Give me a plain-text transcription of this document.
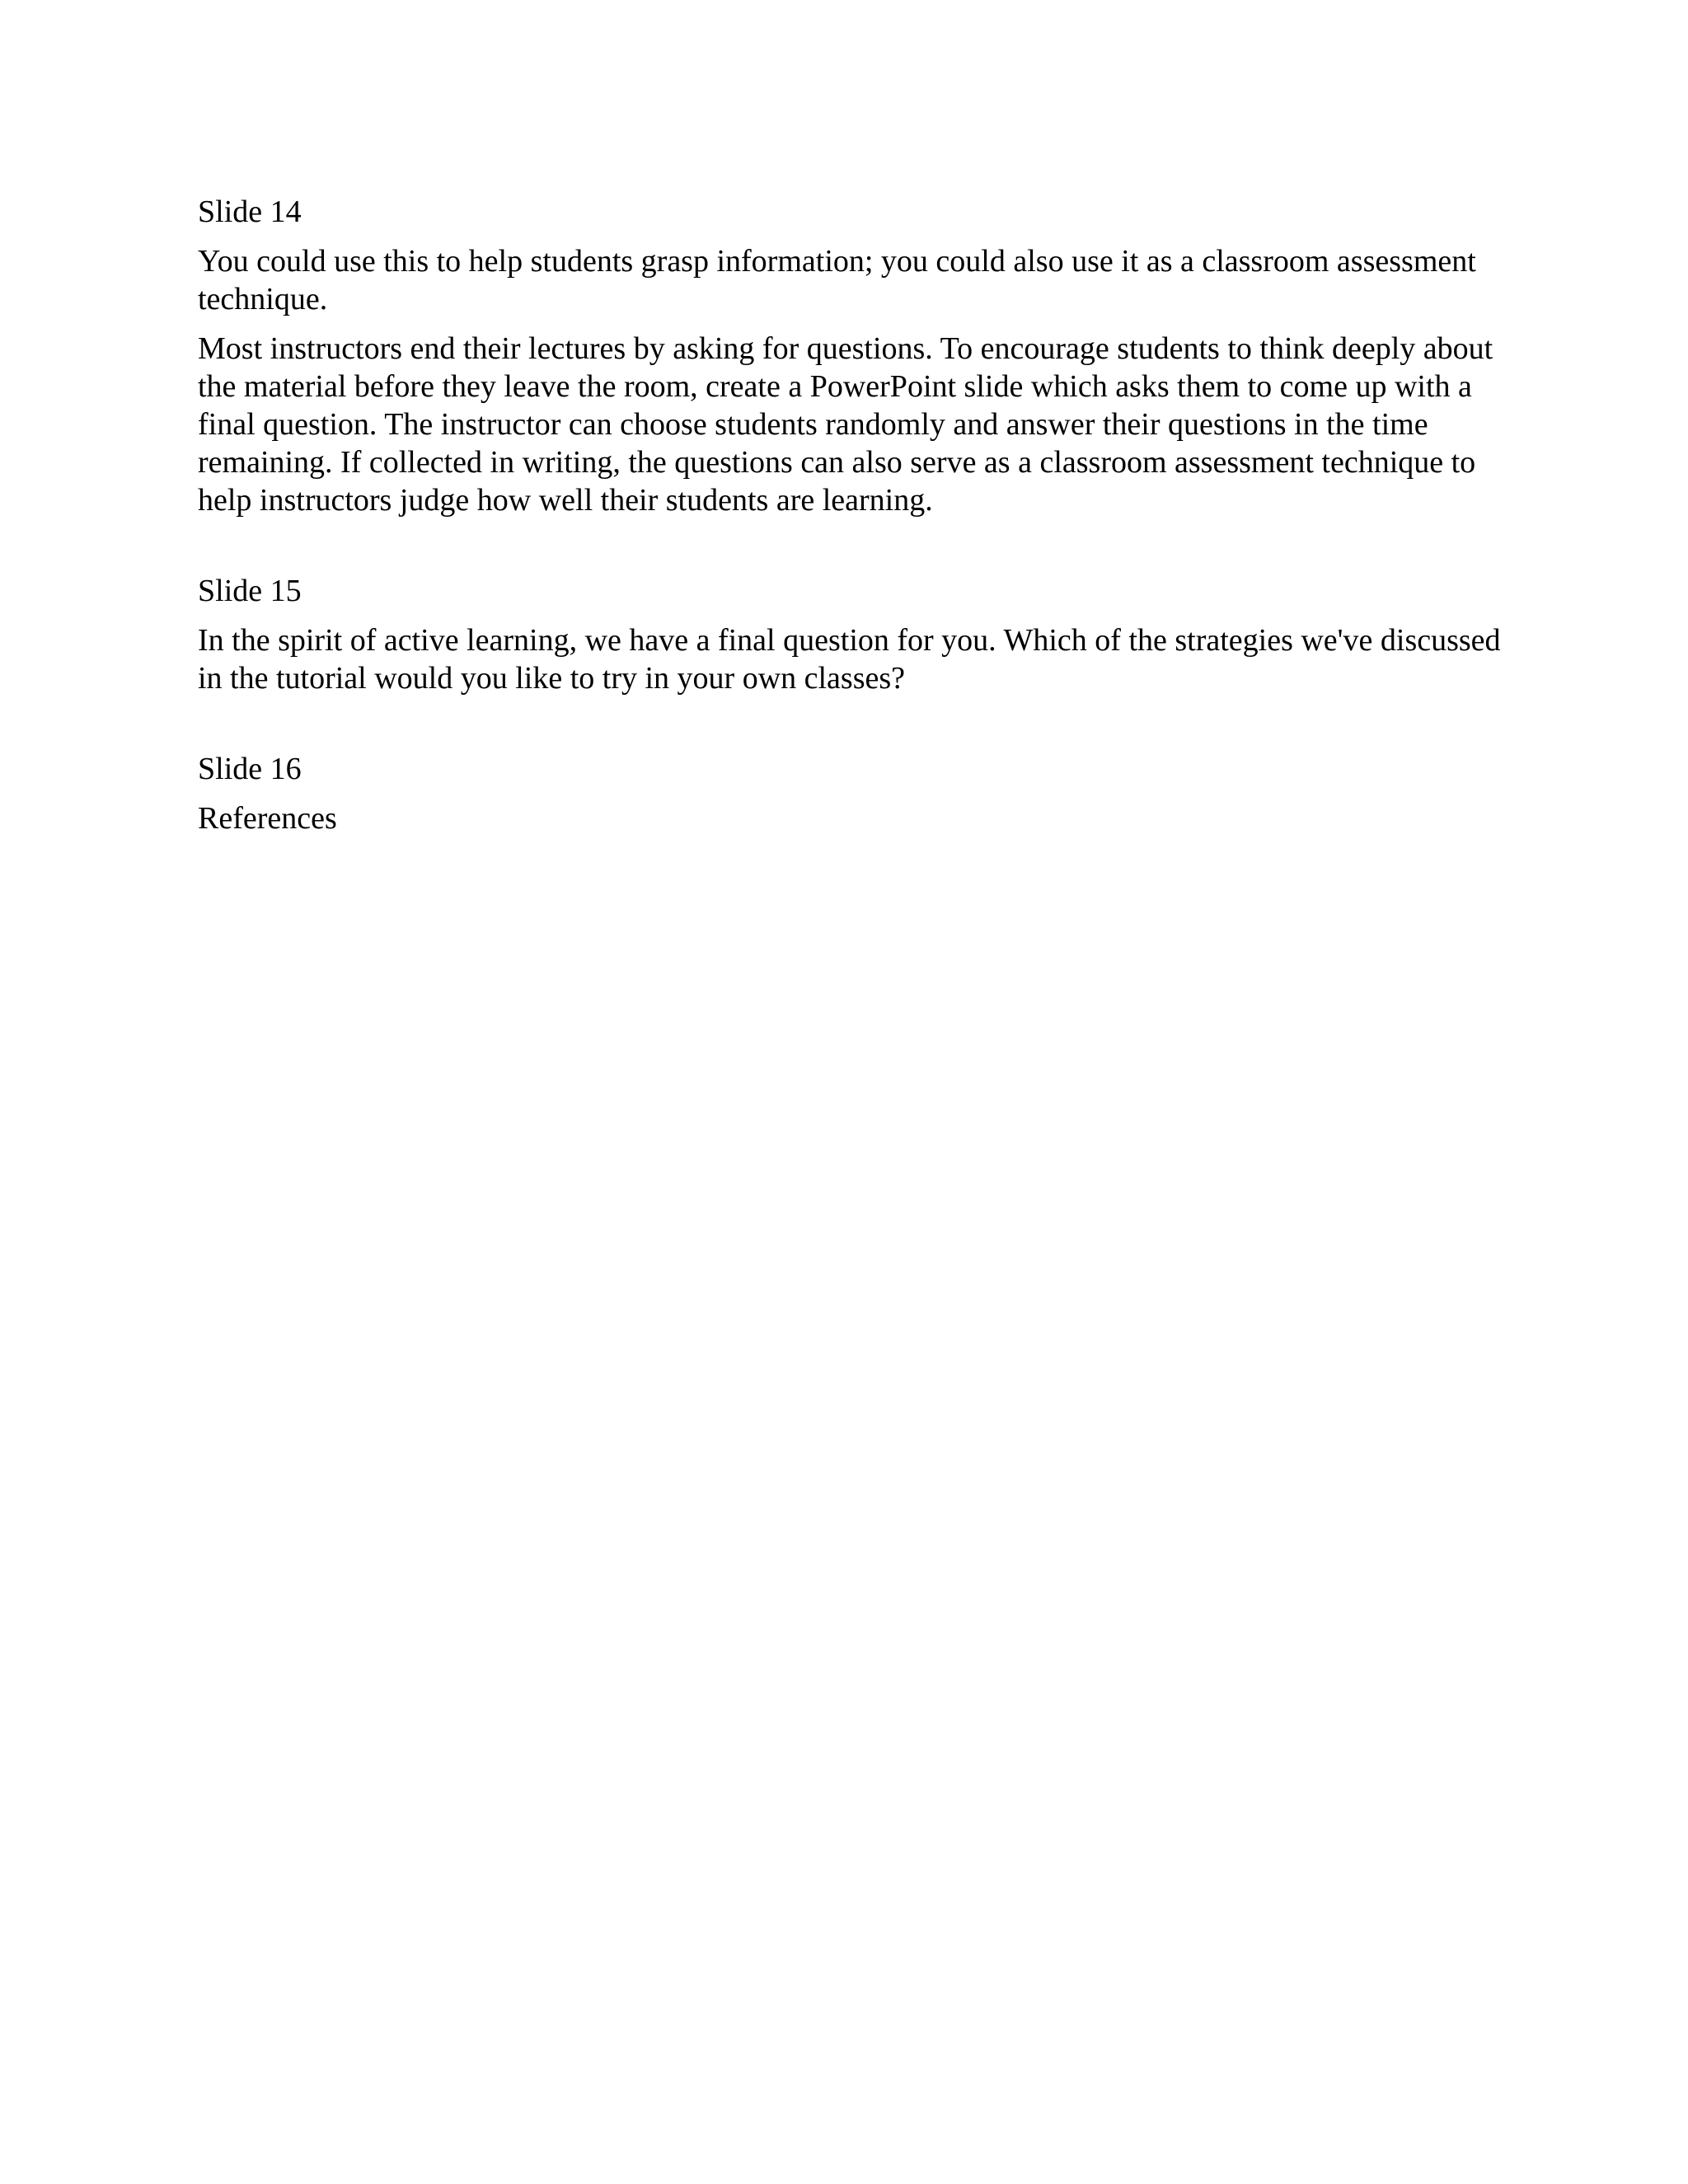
Slide 14

You could use this to help students grasp information; you could also use it as a classroom assessment technique.

Most instructors end their lectures by asking for questions. To encourage students to think deeply about the material before they leave the room, create a PowerPoint slide which asks them to come up with a final question. The instructor can choose students randomly and answer their questions in the time remaining. If collected in writing, the questions can also serve as a classroom assessment technique to help instructors judge how well their students are learning.

Slide 15

In the spirit of active learning, we have a final question for you. Which of the strategies we've discussed in the tutorial would you like to try in your own classes?

Slide 16

References
